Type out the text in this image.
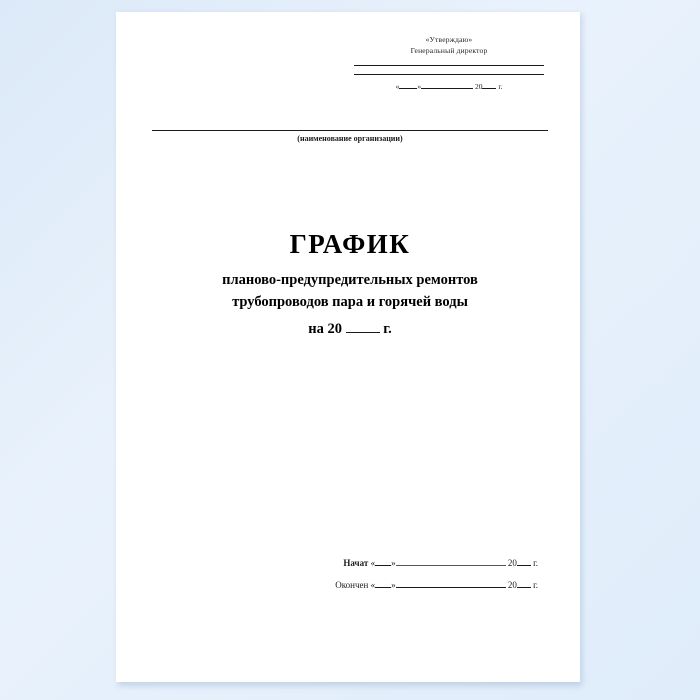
«Утверждаю»
Генеральный директор
« »	20 г.
(наименование организации)
ГРАФИК
планово-предупредительных ремонтов
трубопроводов пара и горячей воды
на 20	г.
Начат « »	20 г.
Окончен « »	20 г.
